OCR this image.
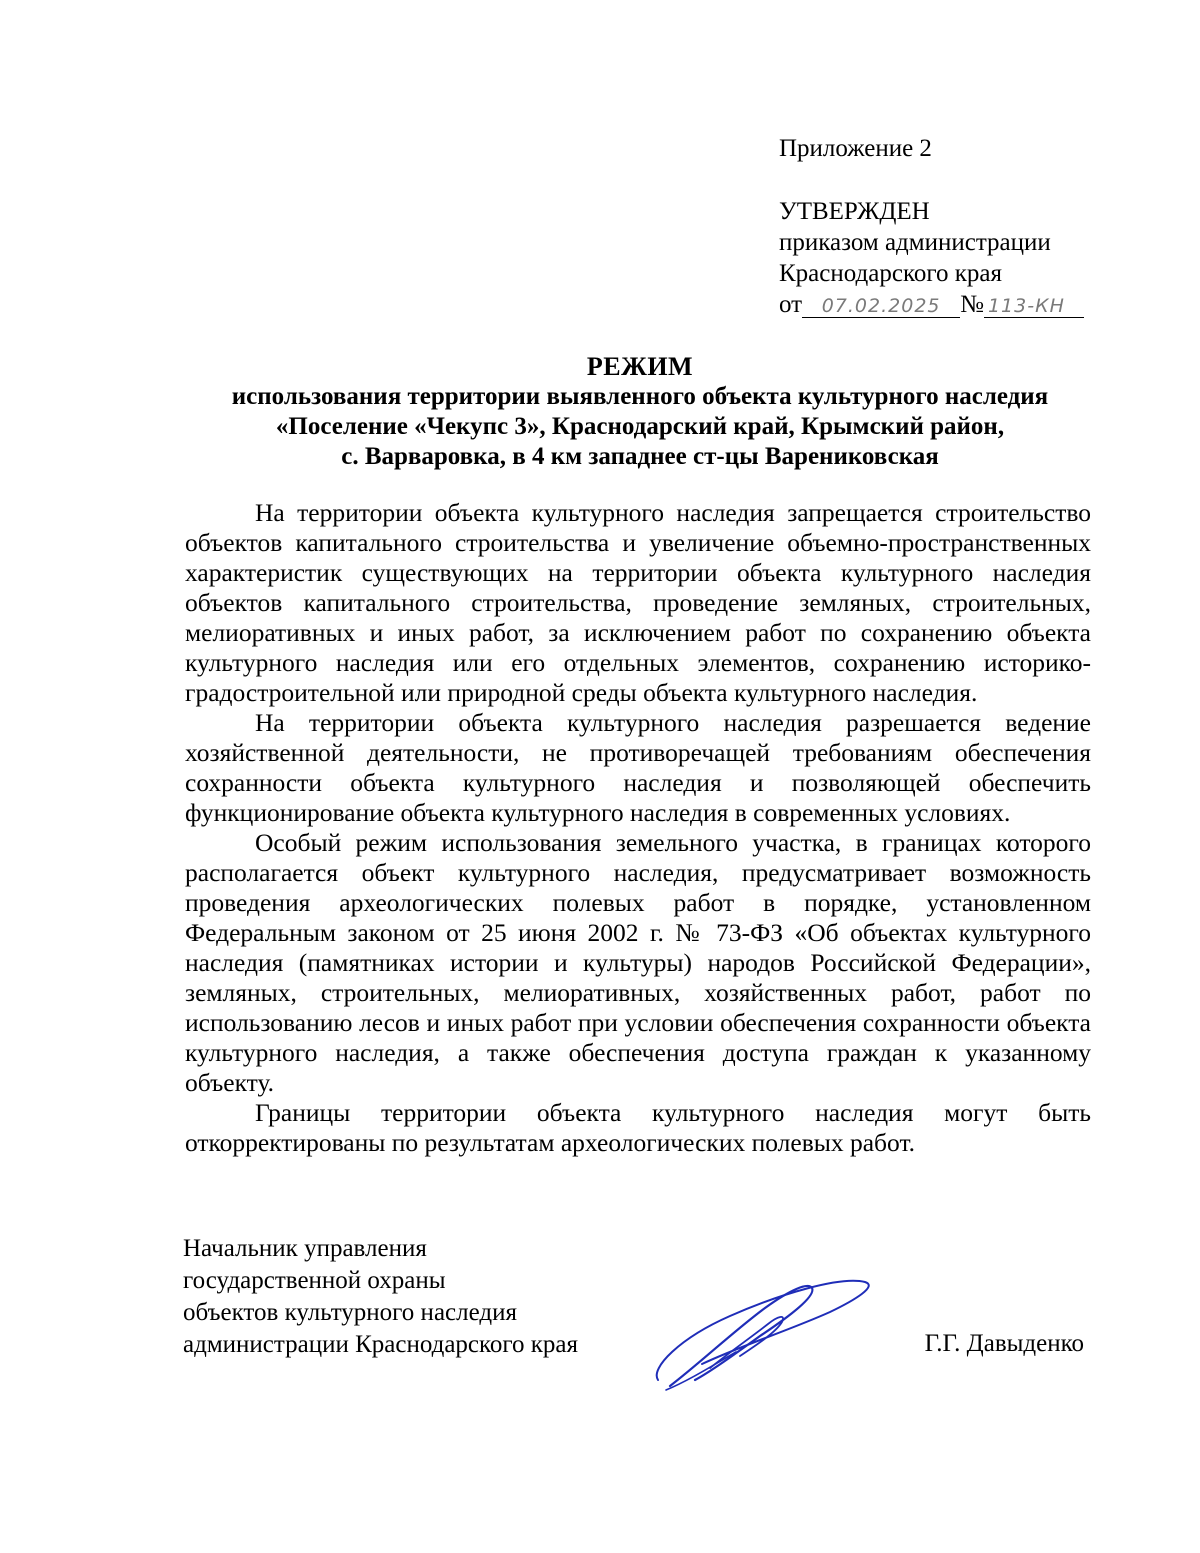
Приложение 2
УТВЕРЖДЕН
приказом администрации
Краснодарского края
от 07.02.2025 № 113-КН
РЕЖИМ
использования территории выявленного объекта культурного наследия
«Поселение «Чекупс 3», Краснодарский край, Крымский район,
с. Варваровка, в 4 км западнее ст-цы Варениковская

На территории объекта культурного наследия запрещается строительство объектов капитального строительства и увеличение объемно-пространственных характеристик существующих на территории объекта культурного наследия объектов капитального строительства, проведение земляных, строительных, мелиоративных и иных работ, за исключением работ по сохранению объекта культурного наследия или его отдельных элементов, сохранению историко-градостроительной или природной среды объекта культурного наследия.

На территории объекта культурного наследия разрешается ведение хозяйственной деятельности, не противоречащей требованиям обеспечения сохранности объекта культурного наследия и позволяющей обеспечить функционирование объекта культурного наследия в современных условиях.

Особый режим использования земельного участка, в границах которого располагается объект культурного наследия, предусматривает возможность проведения археологических полевых работ в порядке, установленном Федеральным законом от 25 июня 2002 г. № 73-ФЗ «Об объектах культурного наследия (памятниках истории и культуры) народов Российской Федерации», земляных, строительных, мелиоративных, хозяйственных работ, работ по использованию лесов и иных работ при условии обеспечения сохранности объекта культурного наследия, а также обеспечения доступа граждан к указанному объекту.

Границы территории объекта культурного наследия могут быть откорректированы по результатам археологических полевых работ.

Начальник управления
государственной охраны
объектов культурного наследия
администрации Краснодарского края	Г.Г. Давыденко
